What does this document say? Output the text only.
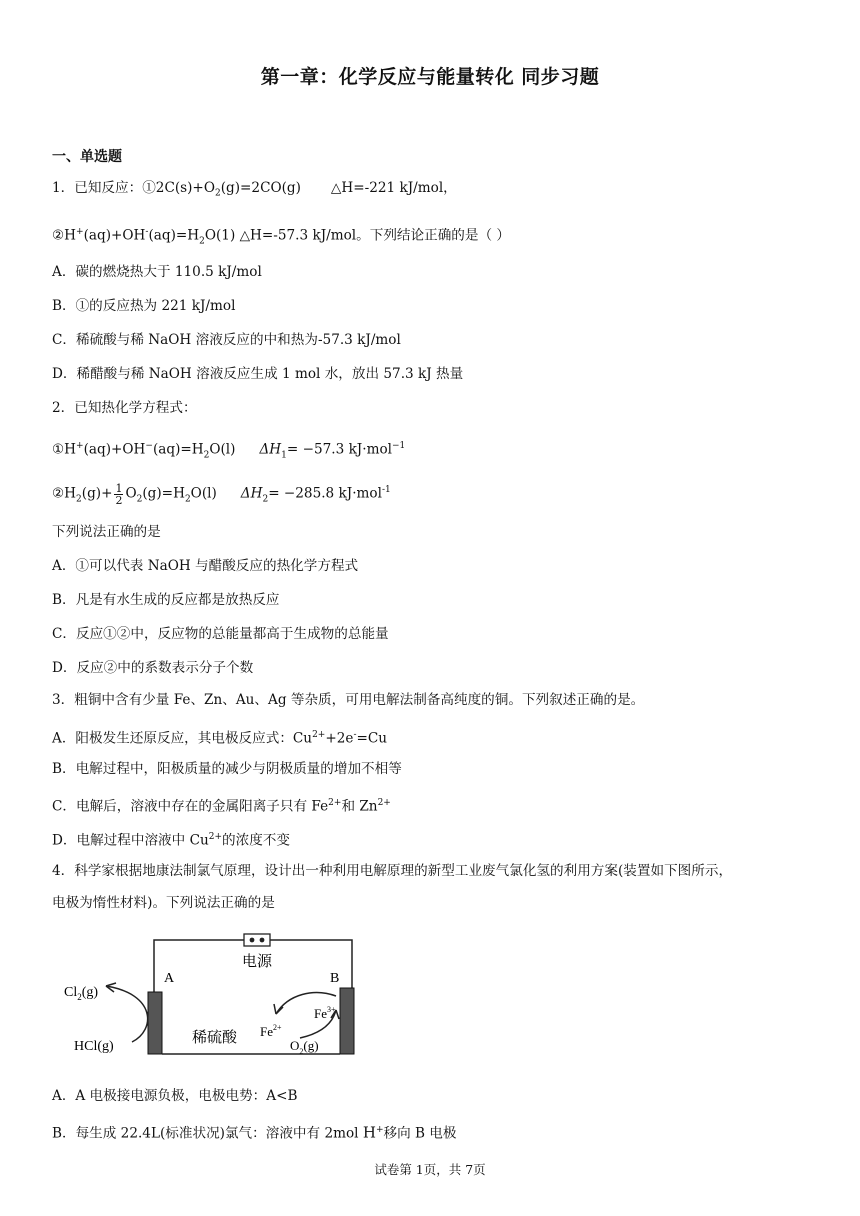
第一章：化学反应与能量转化 同步习题
一、单选题
1．已知反应：$①2C(s)+O_2(g)=2CO(g)$ △H=-221 kJ/mol，
$②H^+(aq)+OH^-(aq)=H_2O(1)$ △H=-57.3 kJ/mol。下列结论正确的是（ ）
A．碳的燃烧热大于 110.5 kJ/mol
B．①的反应热为 221 kJ/mol
C．稀硫酸与稀 NaOH 溶液反应的中和热为-57.3 kJ/mol
D．稀醋酸与稀 NaOH 溶液反应生成 1 mol 水，放出 57.3 kJ 热量
2．已知热化学方程式：
$①H^+(aq)+OH^-(aq)=H_2O(l)$ $\Delta H_1= -57.3$ kJ·mol$^{-1}$
$②H_2(g)+ \frac{1}{2} O_2(g)=H_2O(l)$ $\Delta H_2= -285.8$ kJ·mol$^{-1}$
下列说法正确的是
A．①可以代表 NaOH 与醋酸反应的热化学方程式
B．凡是有水生成的反应都是放热反应
C．反应①②中，反应物的总能量都高于生成物的总能量
D．反应②中的系数表示分子个数
3．粗铜中含有少量 Fe、Zn、Au、Ag 等杂质，可用电解法制备高纯度的铜。下列叙述正确的是。
A．阳极发生还原反应，其电极反应式：$Cu^{2+}+2e^-=Cu$
B．电解过程中，阳极质量的减少与阴极质量的增加不相等
C．电解后，溶液中存在的金属阳离子只有 $Fe^{2+}$和 $Zn^{2+}$
D．电解过程中溶液中 $Cu^{2+}$的浓度不变
4．科学家根据地康法制氯气原理，设计出一种利用电解原理的新型工业废气氯化氢的利用方案(装置如下图所示，
电极为惰性材料)。下列说法正确的是
电源
A	B
$Cl_2(g)$
HCl(g)
稀硫酸 $Fe^{2+}$
$Fe^{3+}$
$O_2(g)$
A．A 电极接电源负极，电极电势：A<B
B．每生成 22.4L(标准状况)氯气：溶液中有 2mol H+移向 B 电极
试卷第 1页，共 7页
